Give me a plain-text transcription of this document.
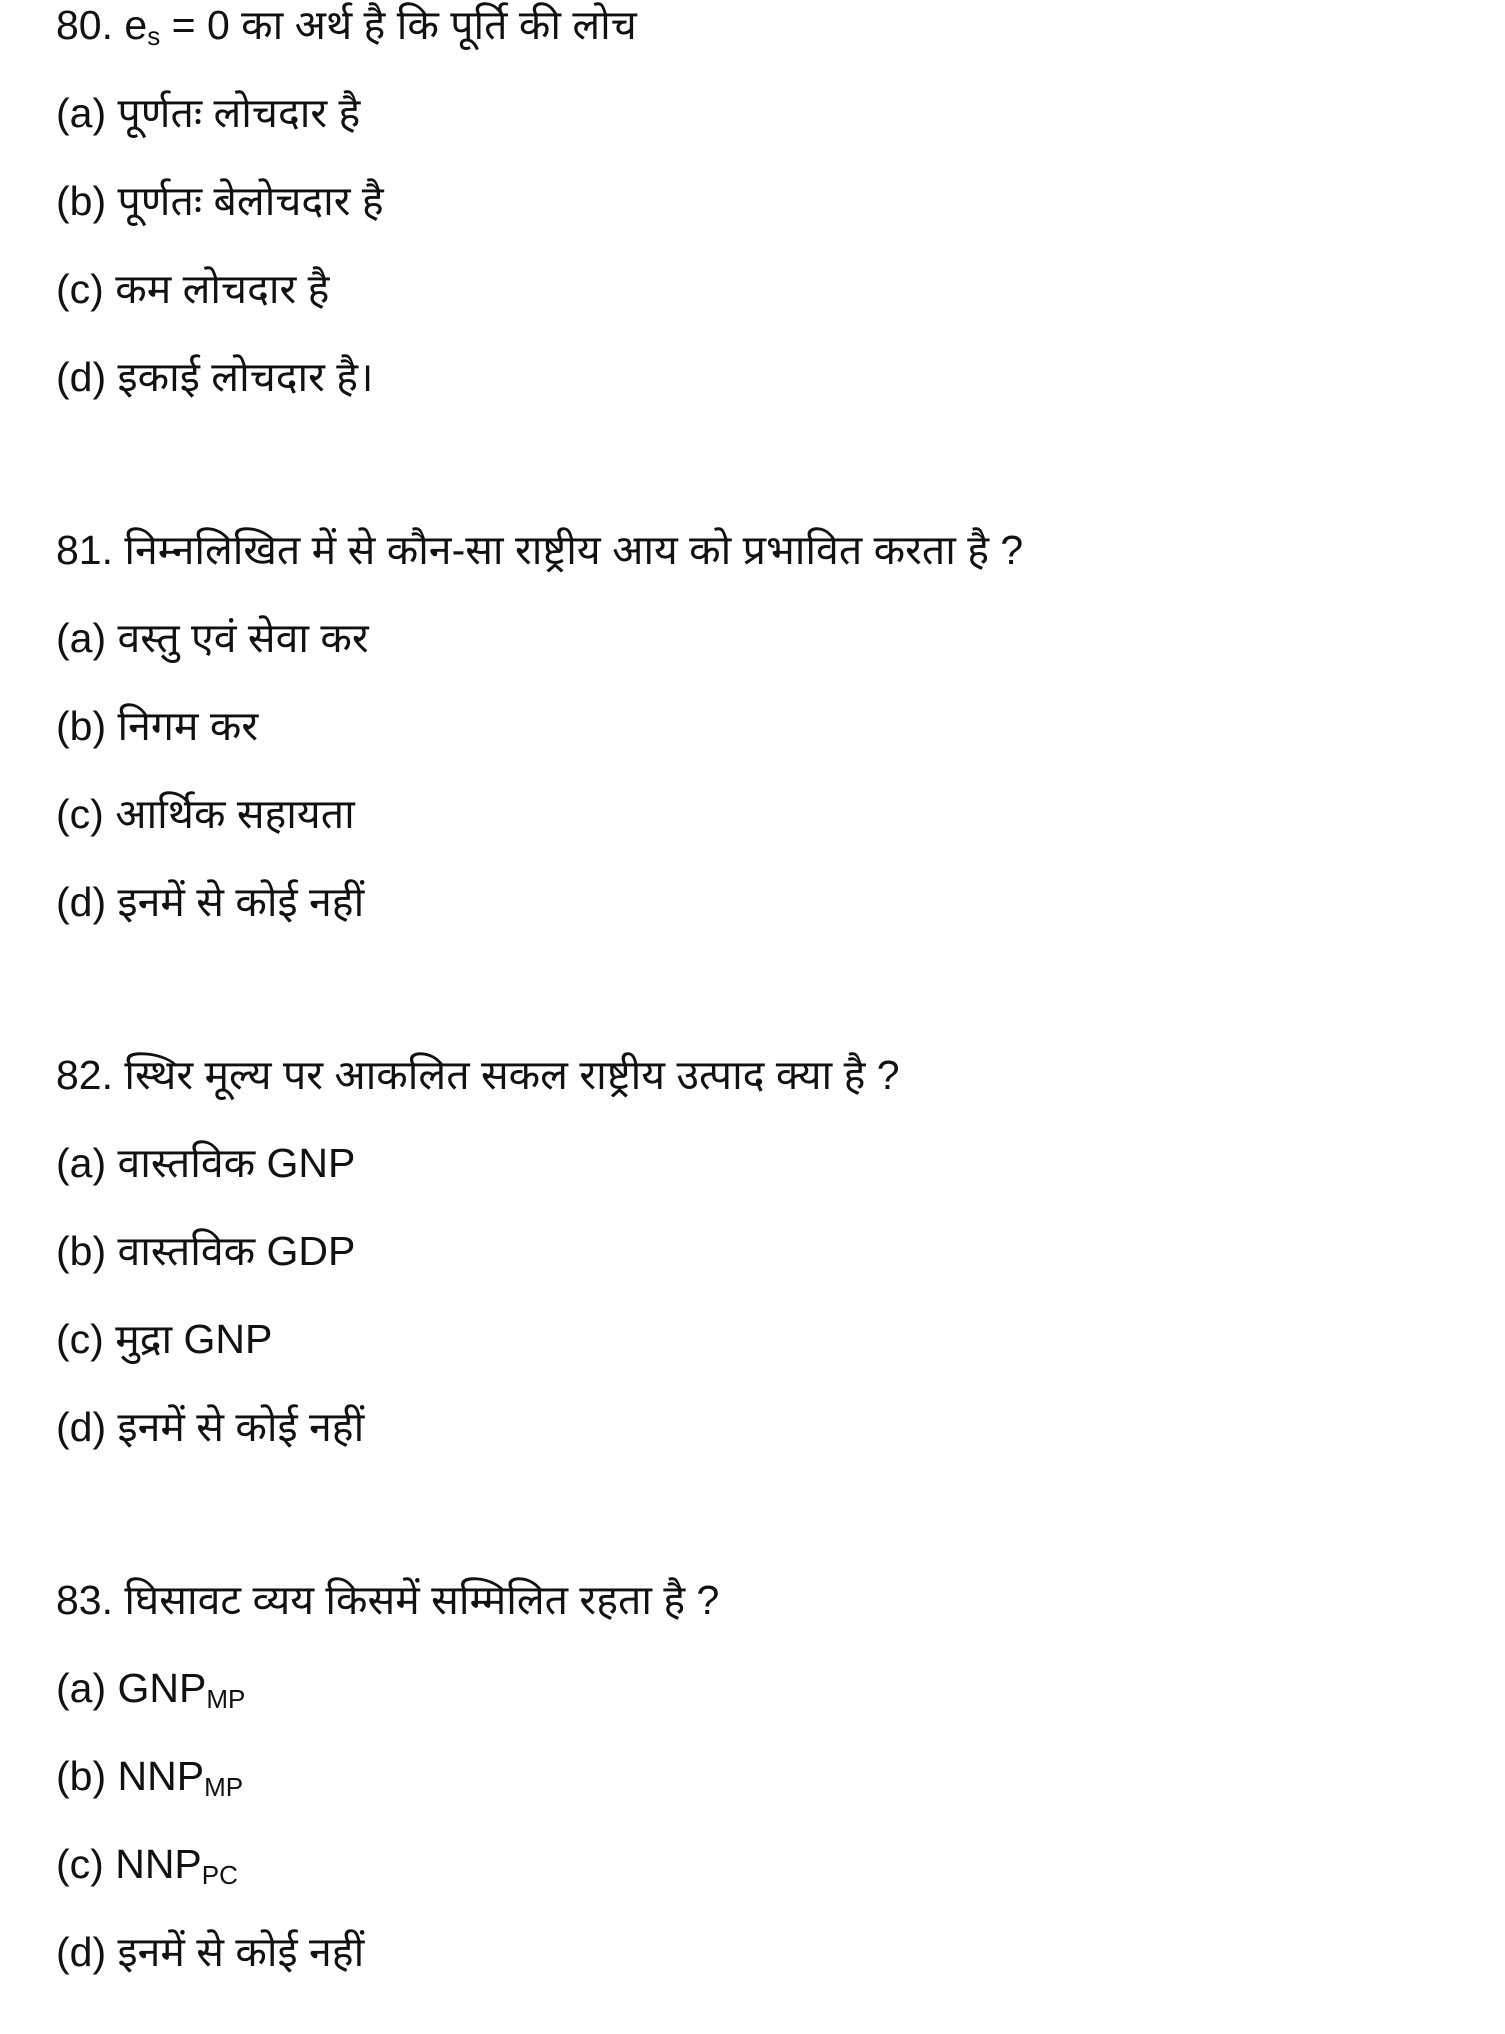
80. $e_s = 0$ का अर्थ है कि पूर्ति की लोच
(a) पूर्णतः लोचदार है
(b) पूर्णतः बेलोचदार है
(c) कम लोचदार है
(d) इकाई लोचदार है।
81. निम्नलिखित में से कौन-सा राष्ट्रीय आय को प्रभावित करता है ?
(a) वस्तु एवं सेवा कर
(b) निगम कर
(c) आर्थिक सहायता
(d) इनमें से कोई नहीं
82. स्थिर मूल्य पर आकलित सकल राष्ट्रीय उत्पाद क्या है ?
(a) वास्तविक GNP
(b) वास्तविक GDP
(c) मुद्रा GNP
(d) इनमें से कोई नहीं
83. घिसावट व्यय किसमें सम्मिलित रहता है ?
(a) $GNP_{MP}$
(b) $NNP_{MP}$
(c) $NNP_{PC}$
(d) इनमें से कोई नहीं
